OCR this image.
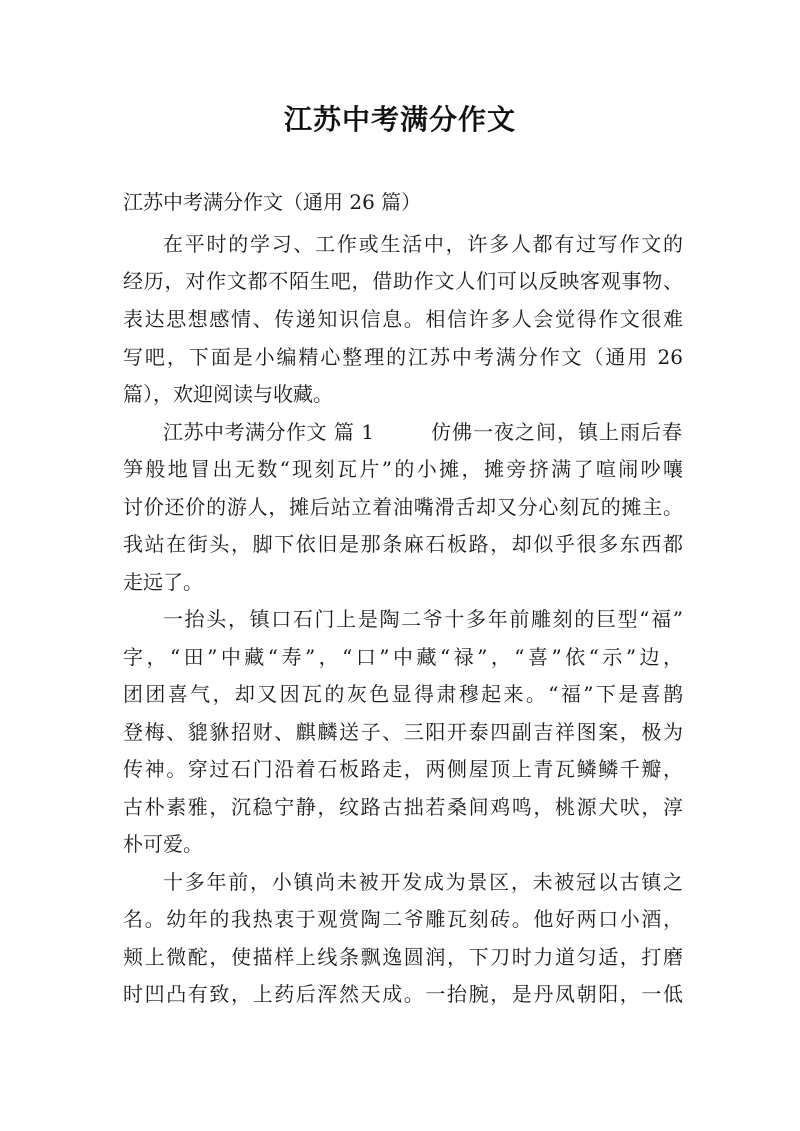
江苏中考满分作文
江苏中考满分作文（通用 26 篇）
在平时的学习、工作或生活中，许多人都有过写作文的
经历，对作文都不陌生吧，借助作文人们可以反映客观事物、
表达思想感情、传递知识信息。相信许多人会觉得作文很难
写吧，下面是小编精心整理的江苏中考满分作文（通用 26
篇），欢迎阅读与收藏。
江苏中考满分作文 篇 1	仿佛一夜之间，镇上雨后春
笋般地冒出无数“现刻瓦片”的小摊，摊旁挤满了喧闹吵嚷
讨价还价的游人，摊后站立着油嘴滑舌却又分心刻瓦的摊主。
我站在街头，脚下依旧是那条麻石板路，却似乎很多东西都
走远了。
一抬头，镇口石门上是陶二爷十多年前雕刻的巨型“福”
字，“田”中藏“寿”，“口”中藏“禄”，“喜”依“示”边，
团团喜气，却又因瓦的灰色显得肃穆起来。“福”下是喜鹊
登梅、貔貅招财、麒麟送子、三阳开泰四副吉祥图案，极为
传神。穿过石门沿着石板路走，两侧屋顶上青瓦鳞鳞千瓣，
古朴素雅，沉稳宁静，纹路古拙若桑间鸡鸣，桃源犬吠，淳
朴可爱。
十多年前，小镇尚未被开发成为景区，未被冠以古镇之
名。幼年的我热衷于观赏陶二爷雕瓦刻砖。他好两口小酒，
颊上微酡，使描样上线条飘逸圆润，下刀时力道匀适，打磨
时凹凸有致，上药后浑然天成。一抬腕，是丹凤朝阳，一低
